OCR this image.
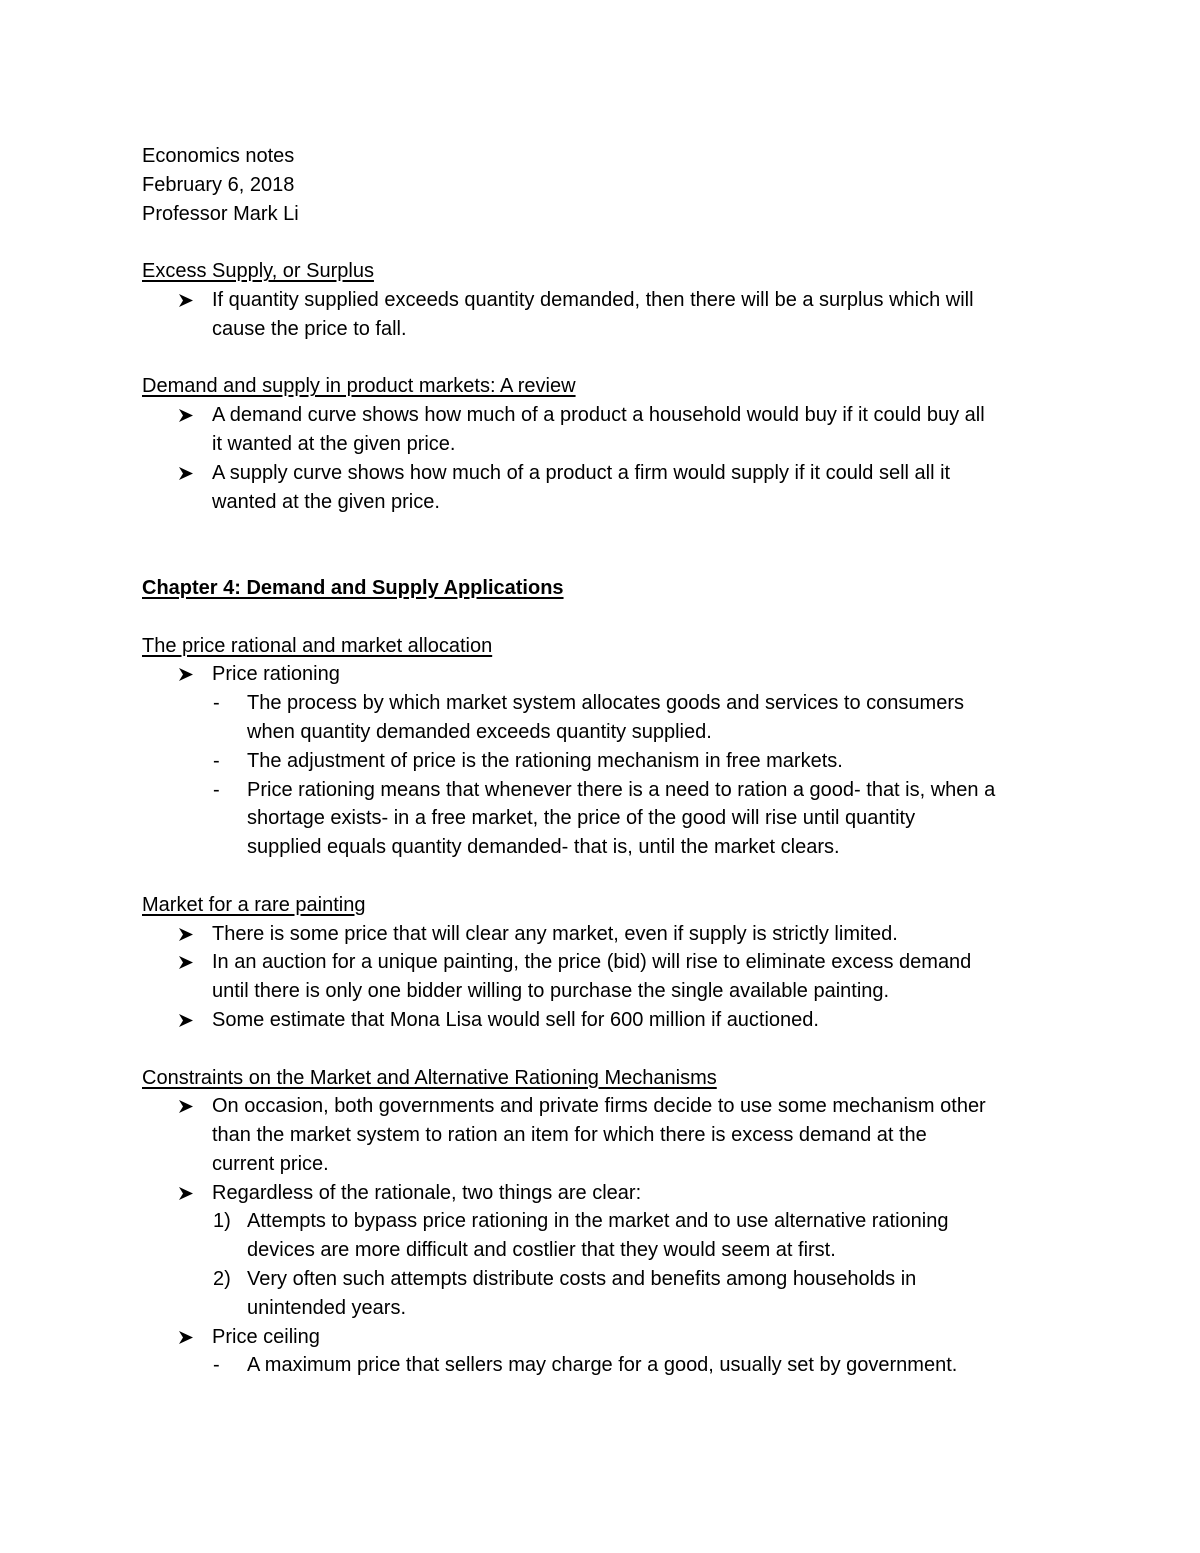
Economics notes
February 6, 2018
Professor Mark Li
Excess Supply, or Surplus
If quantity supplied exceeds quantity demanded, then there will be a surplus which will
cause the price to fall.
Demand and supply in product markets: A review
A demand curve shows how much of a product a household would buy if it could buy all
it wanted at the given price.
A supply curve shows how much of a product a firm would supply if it could sell all it
wanted at the given price.
Chapter 4: Demand and Supply Applications
The price rational and market allocation
Price rationing
- The process by which market system allocates goods and services to consumers
when quantity demanded exceeds quantity supplied.
- The adjustment of price is the rationing mechanism in free markets.
- Price rationing means that whenever there is a need to ration a good- that is, when a
shortage exists- in a free market, the price of the good will rise until quantity
supplied equals quantity demanded- that is, until the market clears.
Market for a rare painting
There is some price that will clear any market, even if supply is strictly limited.
In an auction for a unique painting, the price (bid) will rise to eliminate excess demand
until there is only one bidder willing to purchase the single available painting.
Some estimate that Mona Lisa would sell for 600 million if auctioned.
Constraints on the Market and Alternative Rationing Mechanisms
On occasion, both governments and private firms decide to use some mechanism other
than the market system to ration an item for which there is excess demand at the
current price.
Regardless of the rationale, two things are clear:
1) Attempts to bypass price rationing in the market and to use alternative rationing
devices are more difficult and costlier that they would seem at first.
2) Very often such attempts distribute costs and benefits among households in
unintended years.
Price ceiling
- A maximum price that sellers may charge for a good, usually set by government.
